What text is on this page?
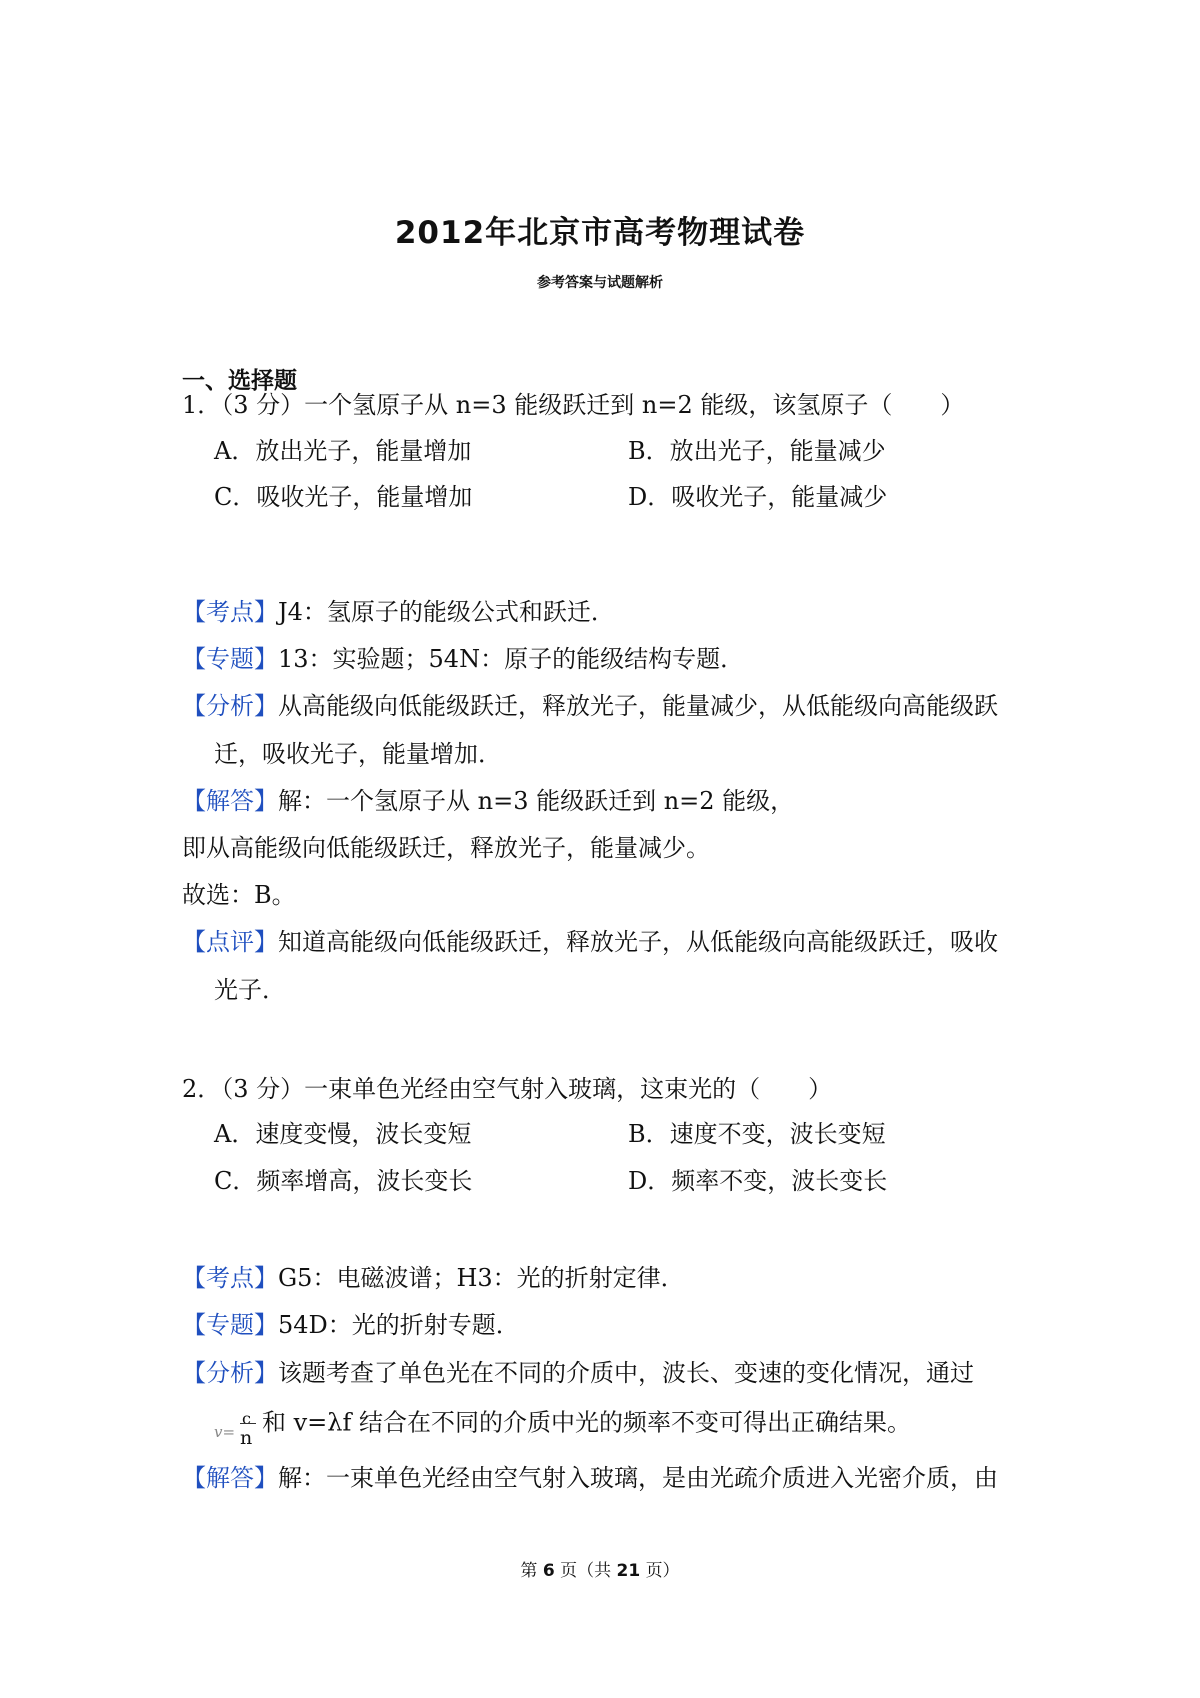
2012年北京市高考物理试卷
参考答案与试题解析
一、选择题
1．（3 分）一个氢原子从 n=3 能级跃迁到 n=2 能级，该氢原子（　　）
A．放出光子，能量增加	B．放出光子，能量减少
C．吸收光子，能量增加	D．吸收光子，能量减少
【考点】J4：氢原子的能级公式和跃迁．
【专题】13：实验题；54N：原子的能级结构专题．
【分析】从高能级向低能级跃迁，释放光子，能量减少，从低能级向高能级跃
迁，吸收光子，能量增加．
【解答】解：一个氢原子从 n=3 能级跃迁到 n=2 能级，
即从高能级向低能级跃迁，释放光子，能量减少。
故选：B。
【点评】知道高能级向低能级跃迁，释放光子，从低能级向高能级跃迁，吸收
光子．
2．（3 分）一束单色光经由空气射入玻璃，这束光的（　　）
A．速度变慢，波长变短	B．速度不变，波长变短
C．频率增高，波长变长	D．频率不变，波长变长
【考点】G5：电磁波谱；H3：光的折射定律．
【专题】54D：光的折射专题．
【分析】该题考查了单色光在不同的介质中，波长、变速的变化情况，通过
v=
c
n
和 v=λf 结合在不同的介质中光的频率不变可得出正确结果。
【解答】解：一束单色光经由空气射入玻璃，是由光疏介质进入光密介质，由
第 6 页（共 21 页）
